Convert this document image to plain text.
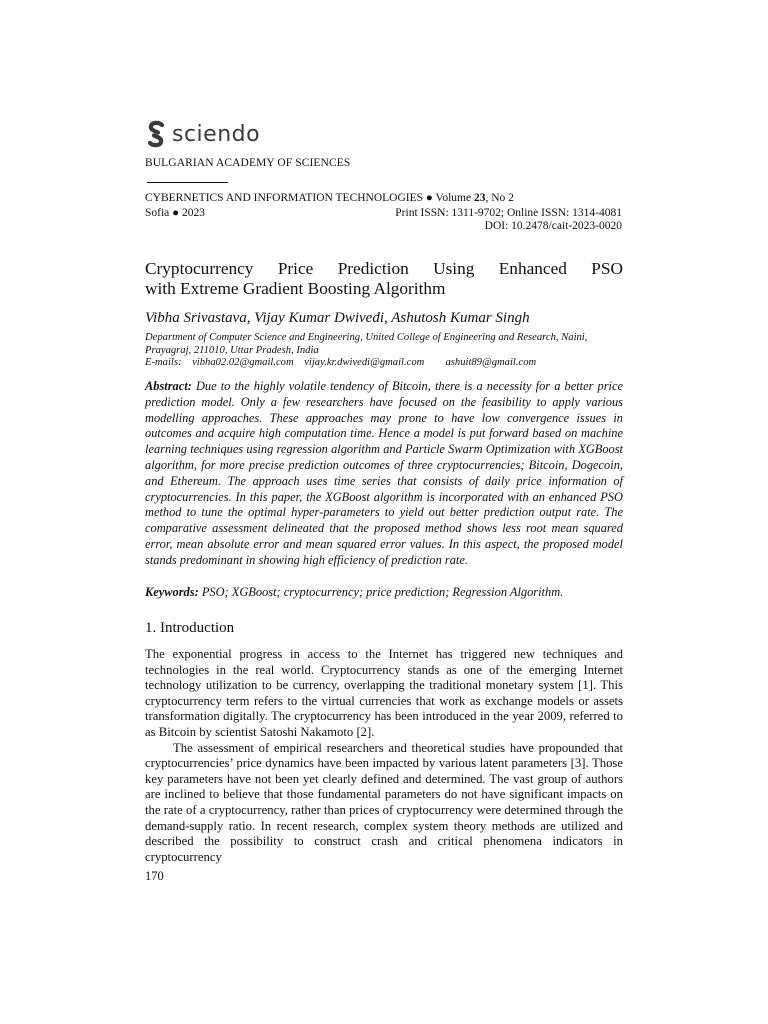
sciendo
BULGARIAN ACADEMY OF SCIENCES
CYBERNETICS AND INFORMATION TECHNOLOGIES ● Volume 23, No 2
Sofia ● 2023	Print ISSN: 1311-9702; Online ISSN: 1314-4081
DOI: 10.2478/cait-2023-0020
Cryptocurrency Price Prediction Using Enhanced PSO
with Extreme Gradient Boosting Algorithm
Vibha Srivastava, Vijay Kumar Dwivedi, Ashutosh Kumar Singh
Department of Computer Science and Engineering, United College of Engineering and Research, Naini, Prayagraj, 211010, Uttar Pradesh, India
E-mails: vibha02.02@gmail.com vijay.kr.dwivedi@gmail.com ashuit89@gmail.com
Abstract: Due to the highly volatile tendency of Bitcoin, there is a necessity for a better price prediction model. Only a few researchers have focused on the feasibility to apply various modelling approaches. These approaches may prone to have low convergence issues in outcomes and acquire high computation time. Hence a model is put forward based on machine learning techniques using regression algorithm and Particle Swarm Optimization with XGBoost algorithm, for more precise prediction outcomes of three cryptocurrencies; Bitcoin, Dogecoin, and Ethereum. The approach uses time series that consists of daily price information of cryptocurrencies. In this paper, the XGBoost algorithm is incorporated with an enhanced PSO method to tune the optimal hyper-parameters to yield out better prediction output rate. The comparative assessment delineated that the proposed method shows less root mean squared error, mean absolute error and mean squared error values. In this aspect, the proposed model stands predominant in showing high efficiency of prediction rate.
Keywords: PSO; XGBoost; cryptocurrency; price prediction; Regression Algorithm.
1. Introduction

The exponential progress in access to the Internet has triggered new techniques and technologies in the real world. Cryptocurrency stands as one of the emerging Internet technology utilization to be currency, overlapping the traditional monetary system [1]. This cryptocurrency term refers to the virtual currencies that work as exchange models or assets transformation digitally. The cryptocurrency has been introduced in the year 2009, referred to as Bitcoin by scientist Satoshi Nakamoto [2].

The assessment of empirical researchers and theoretical studies have propounded that cryptocurrencies’ price dynamics have been impacted by various latent parameters [3]. Those key parameters have not been yet clearly defined and determined. The vast group of authors are inclined to believe that those fundamental parameters do not have significant impacts on the rate of a cryptocurrency, rather than prices of cryptocurrency were determined through the demand-supply ratio. In recent research, complex system theory methods are utilized and described the possibility to construct crash and critical phenomena indicators in cryptocurrency

170
